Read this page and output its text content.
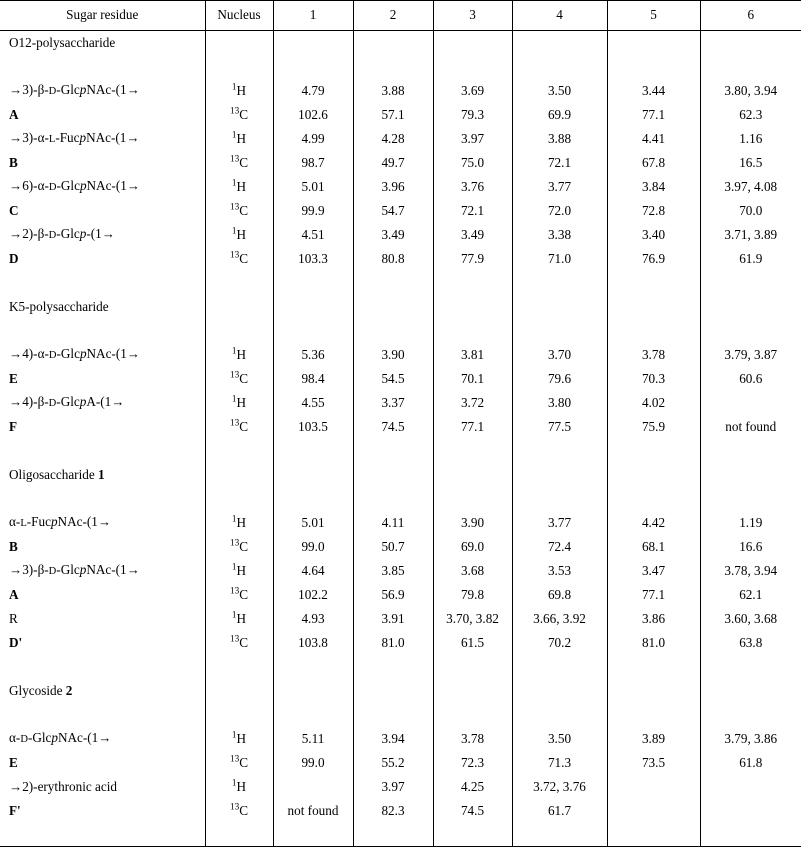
Sugar residue	Nucleus	1	2	3	4	5	6
O12-polysaccharide							

→3)-β-D-GlcpNAc-(1→	$^1$H	4.79	3.88	3.69	3.50	3.44	3.80, 3.94
A	$^{13}$C	102.6	57.1	79.3	69.9	77.1	62.3
→3)-α-L-FucpNAc-(1→	$^1$H	4.99	4.28	3.97	3.88	4.41	1.16
B	$^{13}$C	98.7	49.7	75.0	72.1	67.8	16.5
→6)-α-D-GlcpNAc-(1→	$^1$H	5.01	3.96	3.76	3.77	3.84	3.97, 4.08
C	$^{13}$C	99.9	54.7	72.1	72.0	72.8	70.0
→2)-β-D-Glcp-(1→	$^1$H	4.51	3.49	3.49	3.38	3.40	3.71, 3.89
D	$^{13}$C	103.3	80.8	77.9	71.0	76.9	61.9

K5-polysaccharide							

→4)-α-D-GlcpNAc-(1→	$^1$H	5.36	3.90	3.81	3.70	3.78	3.79, 3.87
E	$^{13}$C	98.4	54.5	70.1	79.6	70.3	60.6
→4)-β-D-GlcpA-(1→	$^1$H	4.55	3.37	3.72	3.80	4.02	
F	$^{13}$C	103.5	74.5	77.1	77.5	75.9	not found

Oligosaccharide 1							

α-L-FucpNAc-(1→	$^1$H	5.01	4.11	3.90	3.77	4.42	1.19
B	$^{13}$C	99.0	50.7	69.0	72.4	68.1	16.6
→3)-β-D-GlcpNAc-(1→	$^1$H	4.64	3.85	3.68	3.53	3.47	3.78, 3.94
A	$^{13}$C	102.2	56.9	79.8	69.8	77.1	62.1
R	$^1$H	4.93	3.91	3.70, 3.82	3.66, 3.92	3.86	3.60, 3.68
D'	$^{13}$C	103.8	81.0	61.5	70.2	81.0	63.8

Glycoside 2							

α-D-GlcpNAc-(1→	$^1$H	5.11	3.94	3.78	3.50	3.89	3.79, 3.86
E	$^{13}$C	99.0	55.2	72.3	71.3	73.5	61.8
→2)-erythronic acid	$^1$H		3.97	4.25	3.72, 3.76		
F'	$^{13}$C	not found	82.3	74.5	61.7		
